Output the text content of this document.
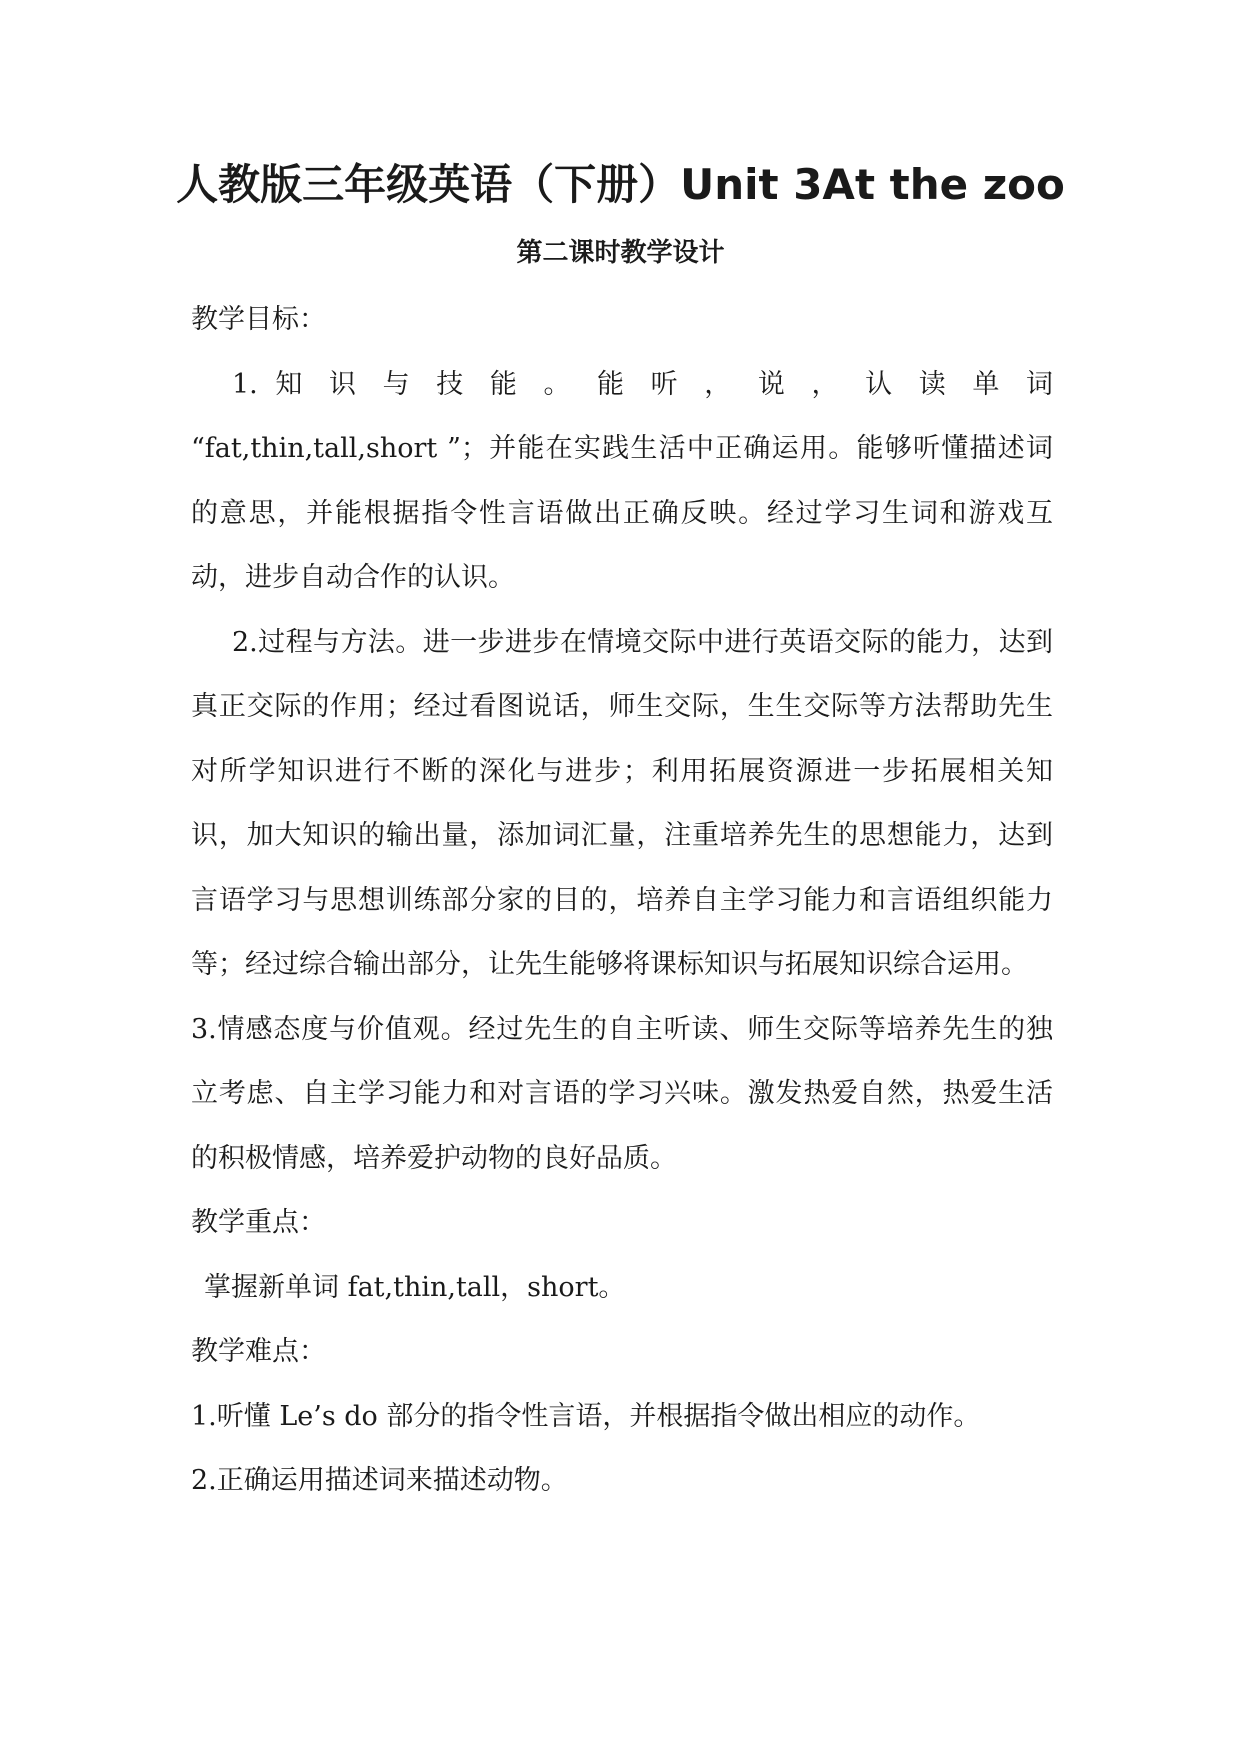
人教版三年级英语（下册）Unit 3At the zoo
第二课时教学设计

教学目标：

1. 知 识 与 技 能 。 能 听 ， 说 ， 认 读 单 词

“fat,thin,tall,short ”；并能在实践生活中正确运用。能够听懂描述词的意思，并能根据指令性言语做出正确反映。经过学习生词和游戏互动，进步自动合作的认识。

2.过程与方法。进一步进步在情境交际中进行英语交际的能力，达到真正交际的作用；经过看图说话，师生交际，生生交际等方法帮助先生对所学知识进行不断的深化与进步；利用拓展资源进一步拓展相关知识，加大知识的输出量，添加词汇量，注重培养先生的思想能力，达到言语学习与思想训练部分家的目的，培养自主学习能力和言语组织能力等；经过综合输出部分，让先生能够将课标知识与拓展知识综合运用。

3.情感态度与价值观。经过先生的自主听读、师生交际等培养先生的独立考虑、自主学习能力和对言语的学习兴味。激发热爱自然，热爱生活的积极情感，培养爱护动物的良好品质。

教学重点：

掌握新单词 fat,thin,tall，short。

教学难点：

1.听懂 Le’s do 部分的指令性言语，并根据指令做出相应的动作。

2.正确运用描述词来描述动物。
